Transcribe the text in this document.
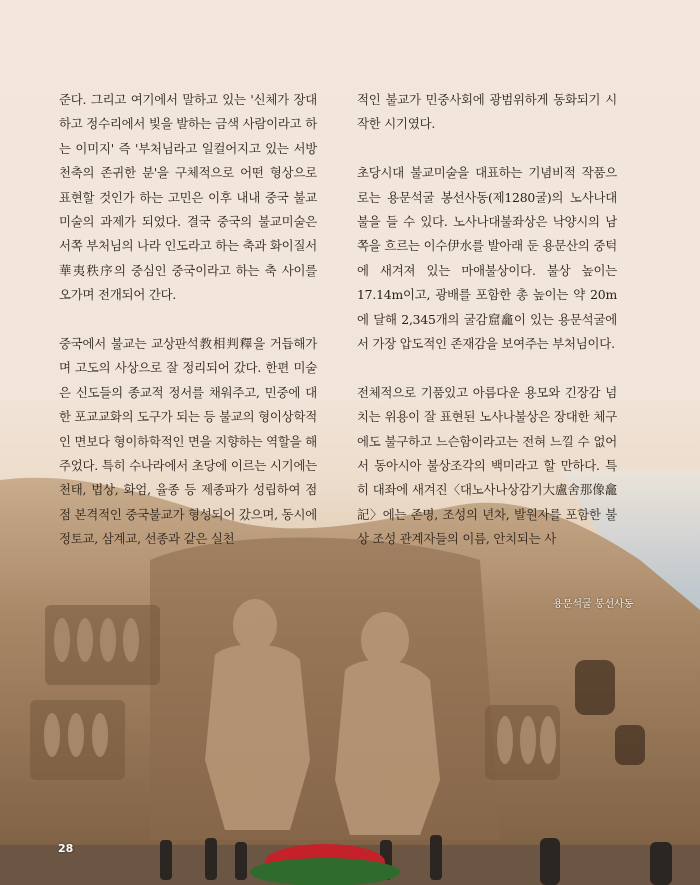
준다. 그리고 여기에서 말하고 있는 '신체가 장대하고 정수리에서 빛을 발하는 금색 사람이라고 하는 이미지' 즉 '부처님라고 일컬어지고 있는 서방천축의 존귀한 분'을 구체적으로 어떤 형상으로 표현할 것인가 하는 고민은 이후 내내 중국 불교미술의 과제가 되었다. 결국 중국의 불교미술은 서쪽 부처님의 나라 인도라고 하는 축과 화이질서華夷秩序의 중심인 중국이라고 하는 축 사이를 오가며 전개되어 간다.

중국에서 불교는 교상판석教相判釋을 거듭해가며 고도의 사상으로 잘 정리되어 갔다. 한편 미술은 신도들의 종교적 정서를 채워주고, 민중에 대한 포교교화의 도구가 되는 등 불교의 형이상학적인 면보다 형이하학적인 면을 지향하는 역할을 해주었다. 특히 수나라에서 초당에 이르는 시기에는 천태, 법상, 화엄, 율종 등 제종파가 성립하여 점점 본격적인 중국불교가 형성되어 갔으며, 동시에 정토교, 삼계교, 선종과 같은 실천

적인 불교가 민중사회에 광범위하게 동화되기 시작한 시기였다.

초당시대 불교미술을 대표하는 기념비적 작품으로는 용문석굴 봉선사동(제1280굴)의 노사나대불을 들 수 있다. 노사나대불좌상은 낙양시의 남쪽을 흐르는 이수伊水를 발아래 둔 용문산의 중턱에 새겨져 있는 마애불상이다. 불상 높이는 17.14m이고, 광배를 포함한 총 높이는 약 20m에 달해 2,345개의 굴감窟龕이 있는 용문석굴에서 가장 압도적인 존재감을 보여주는 부처님이다.

전체적으로 기품있고 아름다운 용모와 긴장감 넘치는 위용이 잘 표현된 노사나불상은 장대한 체구에도 불구하고 느슨함이라고는 전혀 느낄 수 없어서 동아시아 불상조각의 백미라고 할 만하다. 특히 대좌에 새겨진〈대노사나상감기大盧舍那像龕記〉에는 존명, 조성의 년차, 발원자를 포함한 불상 조성 관계자들의 이름, 안치되는 사

용문석굴 봉선사동
28
